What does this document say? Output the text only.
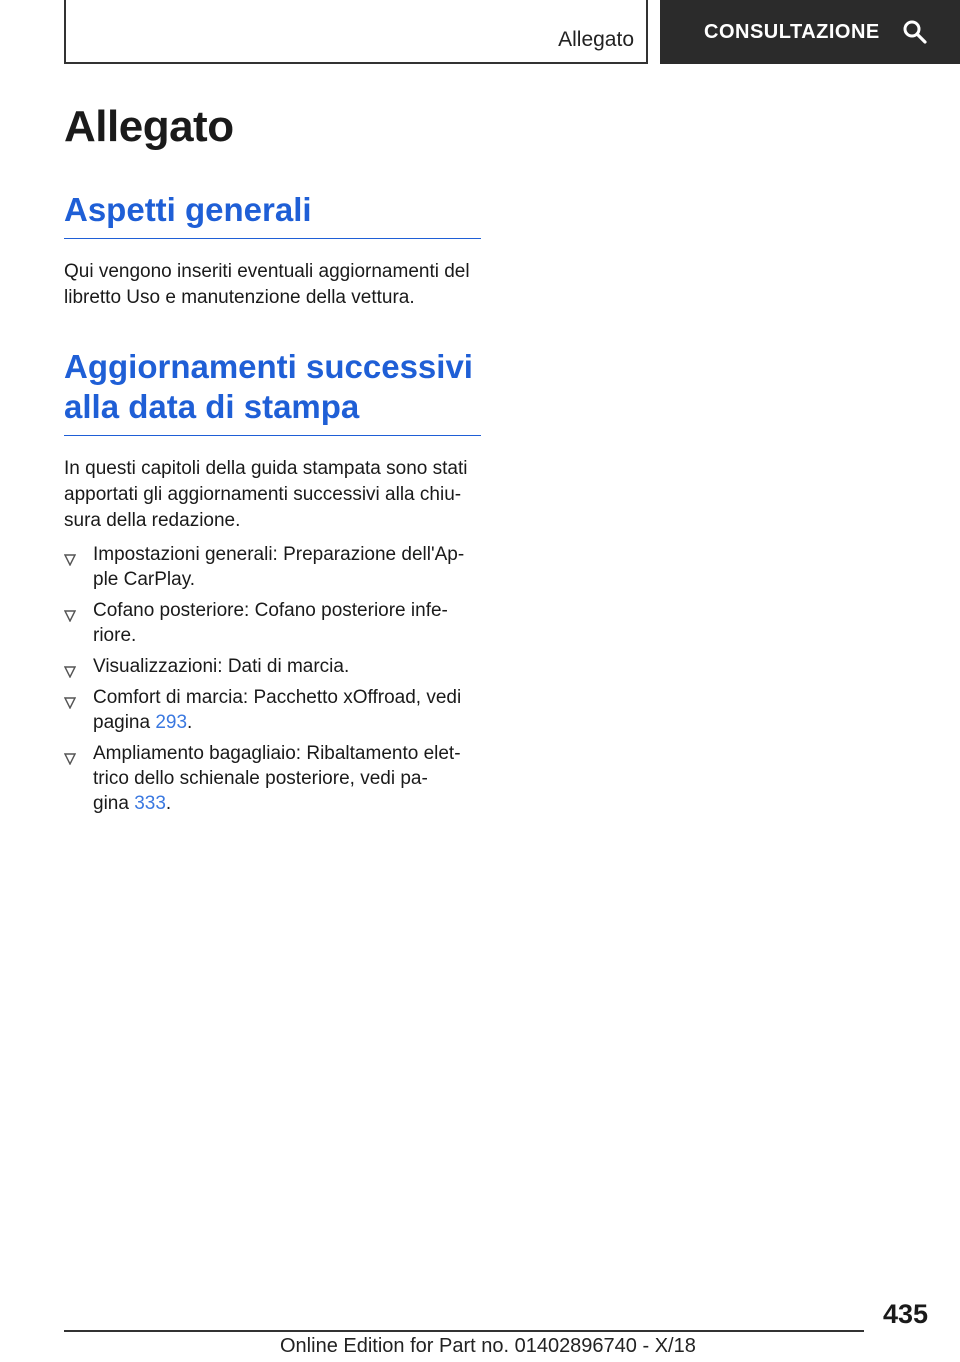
Allegato	CONSULTAZIONE
Allegato
Aspetti generali

Qui vengono inseriti eventuali aggiornamenti del
libretto Uso e manutenzione della vettura.

Aggiornamenti successivi
alla data di stampa

In questi capitoli della guida stampata sono stati
apportati gli aggiornamenti successivi alla chiu-
sura della redazione.

Impostazioni generali: Preparazione dell'Ap-
ple CarPlay.
Cofano posteriore: Cofano posteriore infe-
riore.
Visualizzazioni: Dati di marcia.
Comfort di marcia: Pacchetto xOffroad, vedi
pagina 293.
Ampliamento bagagliaio: Ribaltamento elet-
trico dello schienale posteriore, vedi pa-
gina 333.
435
Online Edition for Part no. 01402896740 - X/18
